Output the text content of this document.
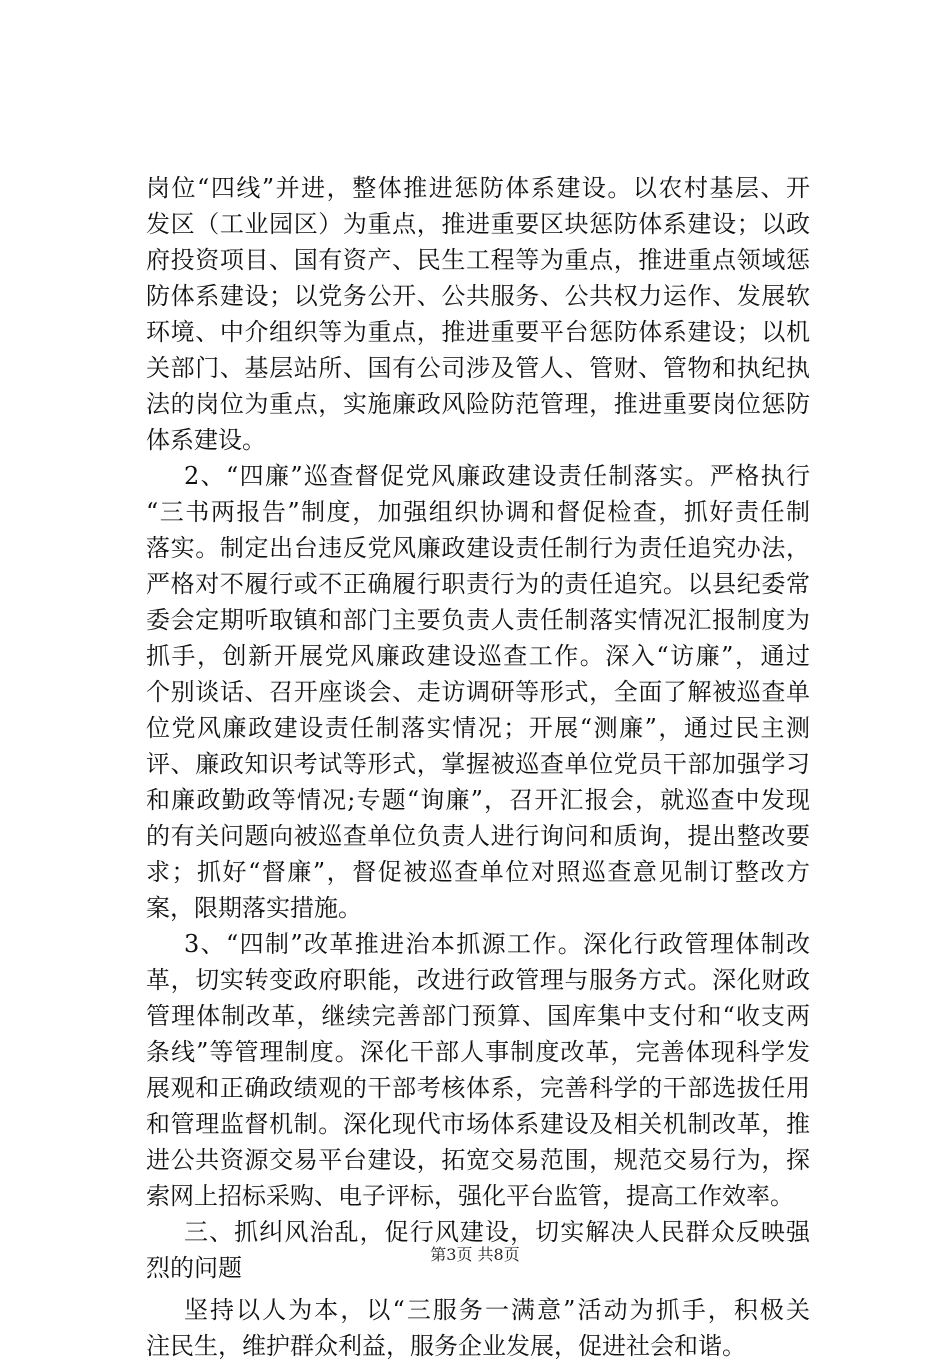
岗位“四线”并进，整体推进惩防体系建设。以农村基层、开
发区（工业园区）为重点，推进重要区块惩防体系建设；以政
府投资项目、国有资产、民生工程等为重点，推进重点领域惩
防体系建设；以党务公开、公共服务、公共权力运作、发展软
环境、中介组织等为重点，推进重要平台惩防体系建设；以机
关部门、基层站所、国有公司涉及管人、管财、管物和执纪执
法的岗位为重点，实施廉政风险防范管理，推进重要岗位惩防
体系建设。
2、“四廉”巡查督促党风廉政建设责任制落实。严格执行
“三书两报告”制度，加强组织协调和督促检查，抓好责任制
落实。制定出台违反党风廉政建设责任制行为责任追究办法，
严格对不履行或不正确履行职责行为的责任追究。以县纪委常
委会定期听取镇和部门主要负责人责任制落实情况汇报制度为
抓手，创新开展党风廉政建设巡查工作。深入“访廉”，通过
个别谈话、召开座谈会、走访调研等形式，全面了解被巡查单
位党风廉政建设责任制落实情况；开展“测廉”，通过民主测
评、廉政知识考试等形式，掌握被巡查单位党员干部加强学习
和廉政勤政等情况;专题“询廉”，召开汇报会，就巡查中发现
的有关问题向被巡查单位负责人进行询问和质询，提出整改要
求；抓好“督廉”，督促被巡查单位对照巡查意见制订整改方
案，限期落实措施。
3、“四制”改革推进治本抓源工作。深化行政管理体制改
革，切实转变政府职能，改进行政管理与服务方式。深化财政
管理体制改革，继续完善部门预算、国库集中支付和“收支两
条线”等管理制度。深化干部人事制度改革，完善体现科学发
展观和正确政绩观的干部考核体系，完善科学的干部选拔任用
和管理监督机制。深化现代市场体系建设及相关机制改革，推
进公共资源交易平台建设，拓宽交易范围，规范交易行为，探
索网上招标采购、电子评标，强化平台监管，提高工作效率。
三、抓纠风治乱，促行风建设，切实解决人民群众反映强
烈的问题
坚持以人为本，以“三服务一满意”活动为抓手，积极关
注民生，维护群众利益，服务企业发展，促进社会和谐。
第3页 共8页
